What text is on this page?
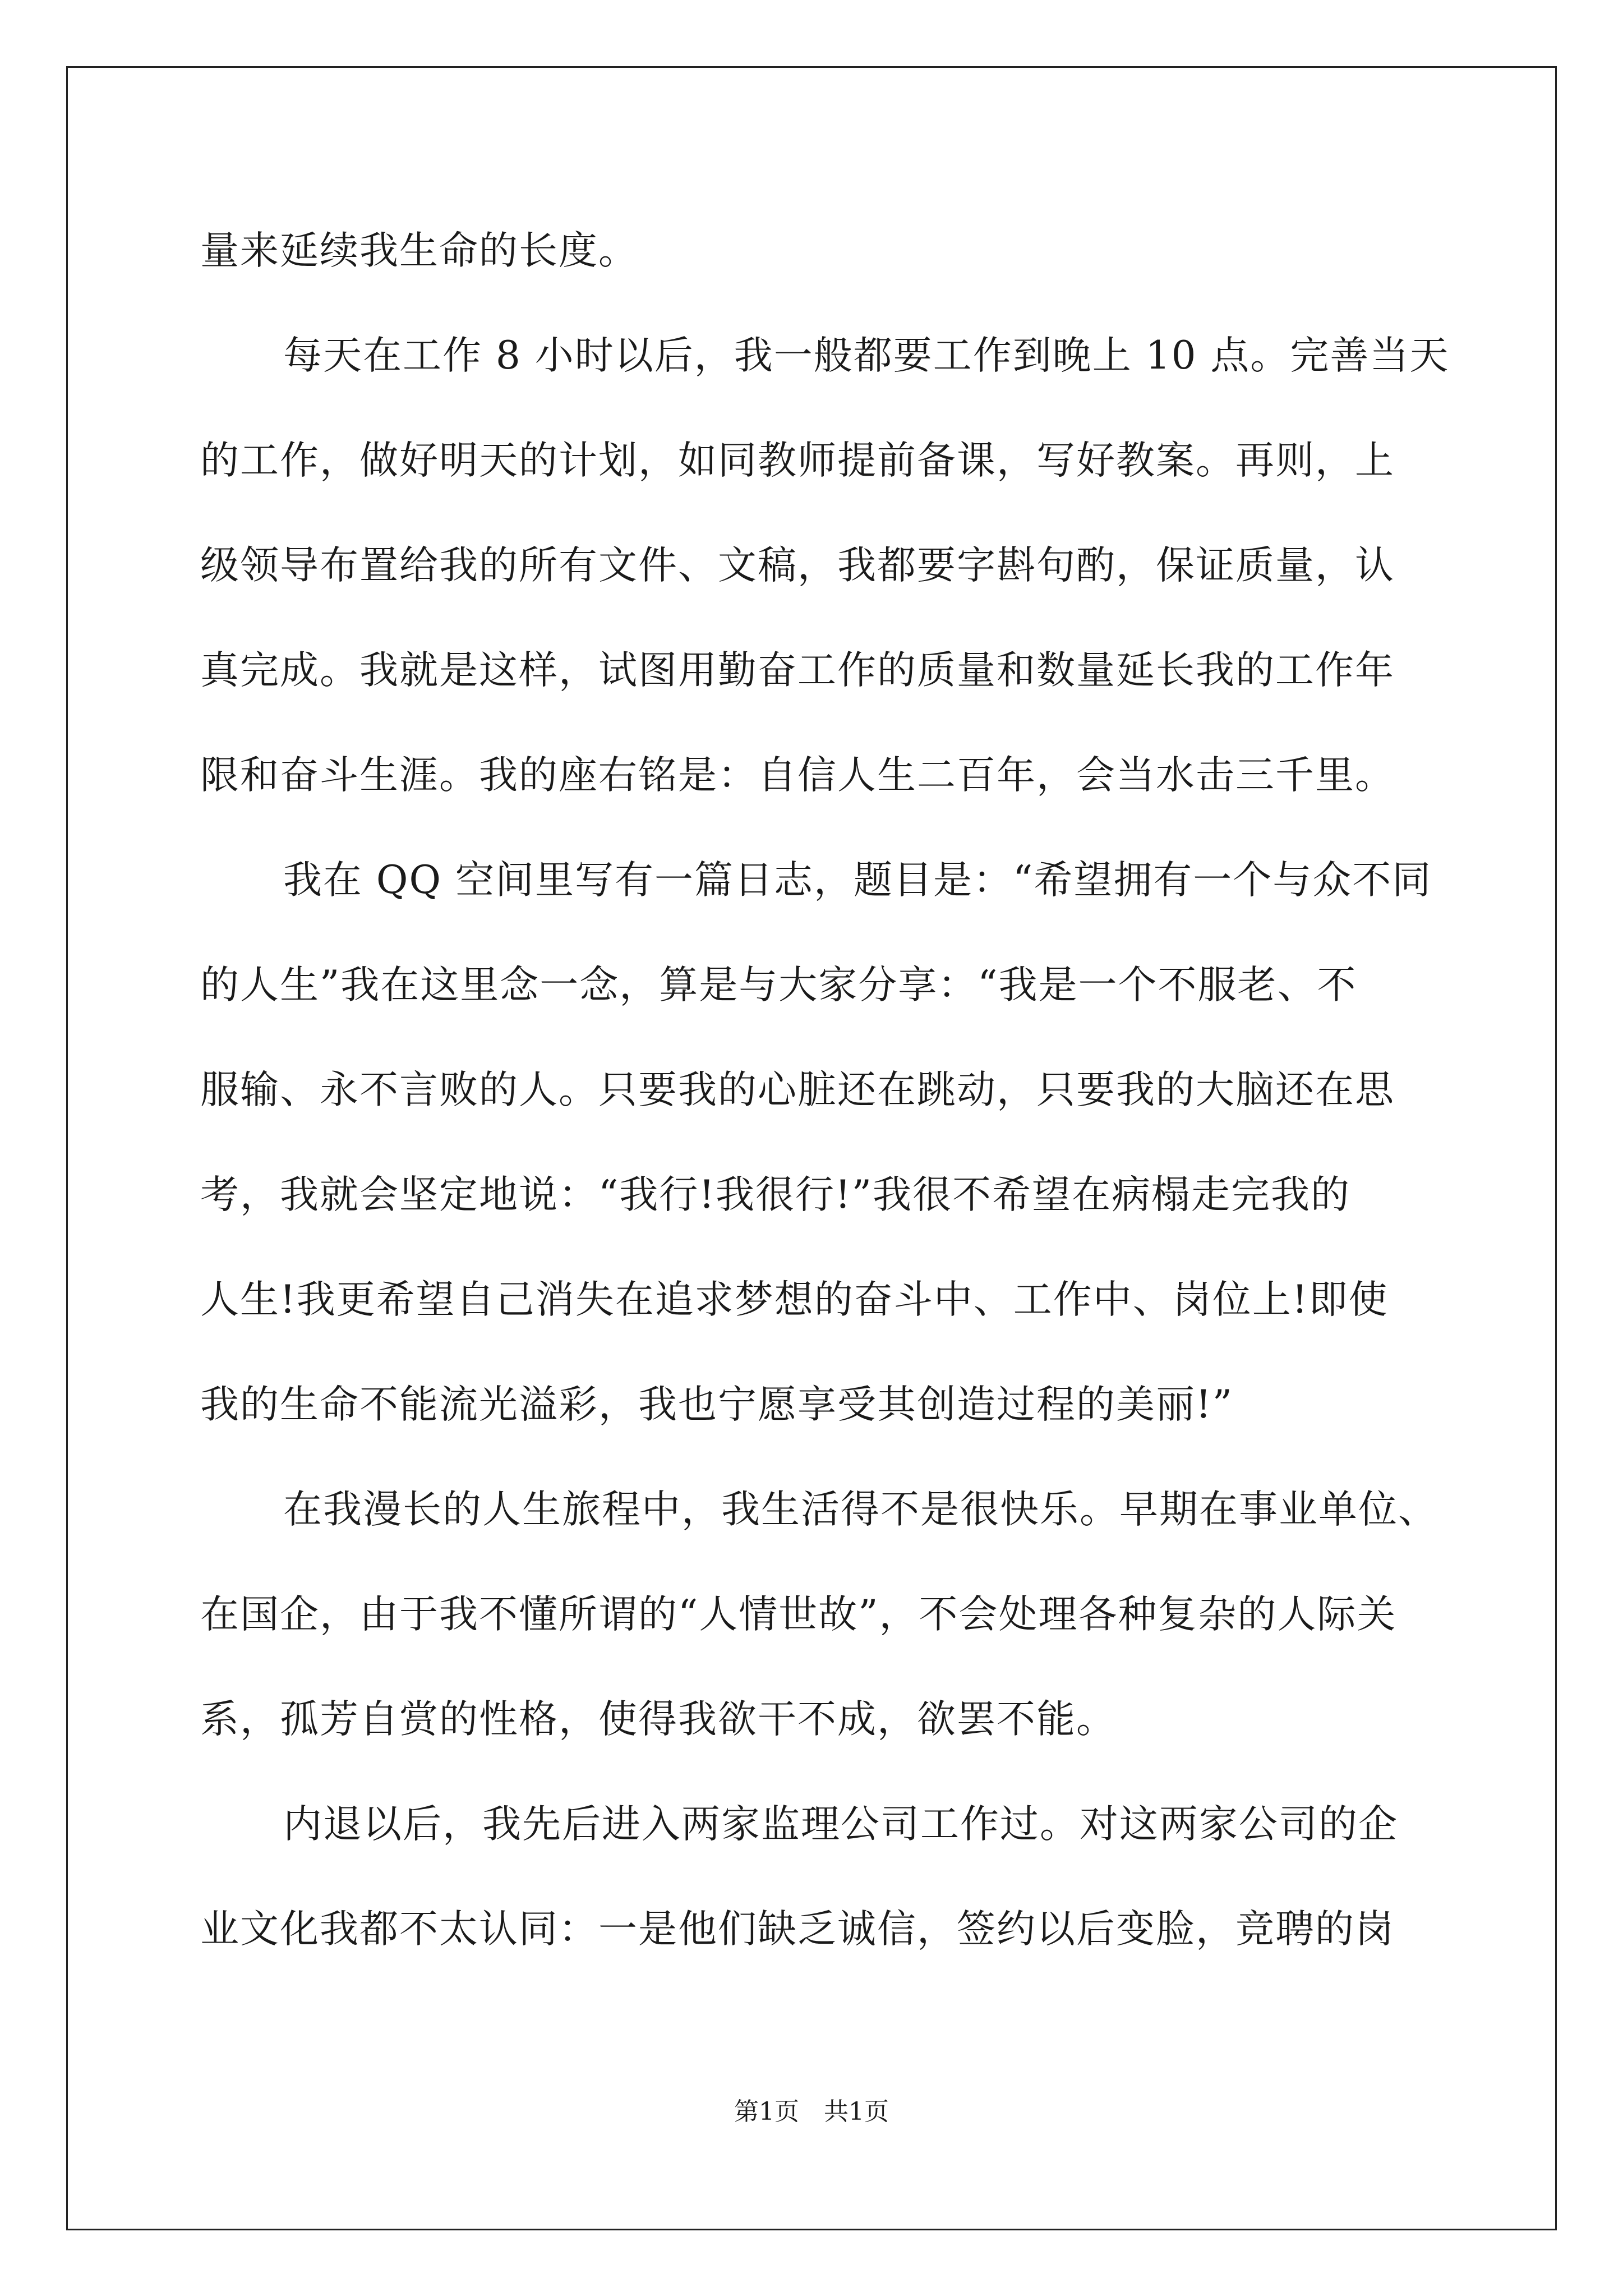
量来延续我生命的长度。
每天在工作 8 小时以后，我一般都要工作到晚上 10 点。完善当天
的工作，做好明天的计划，如同教师提前备课，写好教案。再则，上
级领导布置给我的所有文件、文稿，我都要字斟句酌，保证质量，认
真完成。我就是这样，试图用勤奋工作的质量和数量延长我的工作年
限和奋斗生涯。我的座右铭是：自信人生二百年，会当水击三千里。
我在 QQ 空间里写有一篇日志，题目是：“希望拥有一个与众不同
的人生”我在这里念一念，算是与大家分享：“我是一个不服老、不
服输、永不言败的人。只要我的心脏还在跳动，只要我的大脑还在思
考，我就会坚定地说：“我行!我很行!”我很不希望在病榻走完我的
人生!我更希望自己消失在追求梦想的奋斗中、工作中、岗位上!即使
我的生命不能流光溢彩，我也宁愿享受其创造过程的美丽!”
在我漫长的人生旅程中，我生活得不是很快乐。早期在事业单位、
在国企，由于我不懂所谓的“人情世故”，不会处理各种复杂的人际关
系，孤芳自赏的性格，使得我欲干不成，欲罢不能。
内退以后，我先后进入两家监理公司工作过。对这两家公司的企
业文化我都不太认同：一是他们缺乏诚信，签约以后变脸，竞聘的岗
第1页 共1页
